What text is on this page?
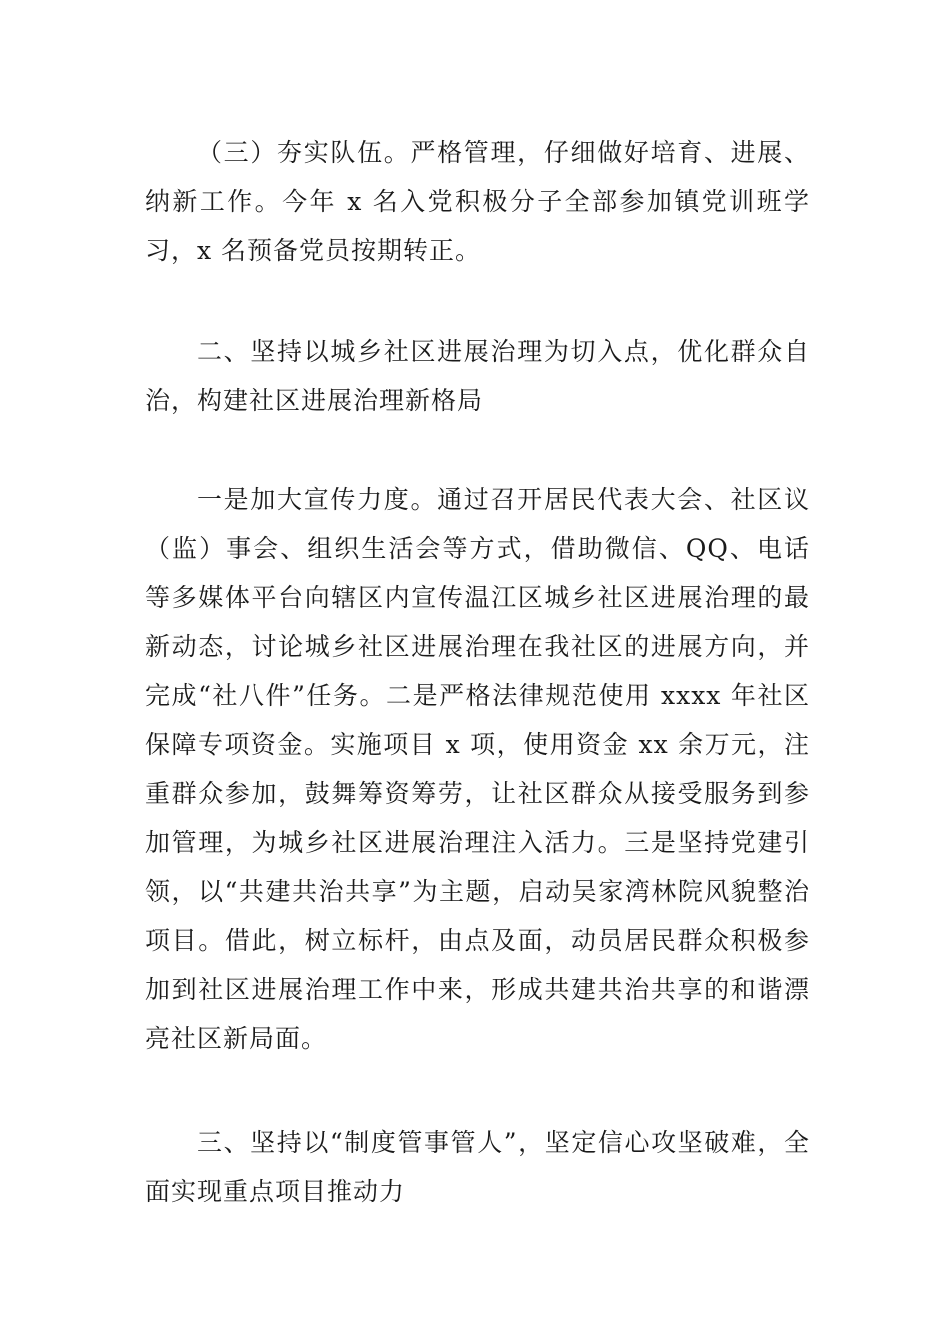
（三）夯实队伍。严格管理，仔细做好培育、进展、纳新工作。今年 x 名入党积极分子全部参加镇党训班学习，x 名预备党员按期转正。

二、坚持以城乡社区进展治理为切入点，优化群众自治，构建社区进展治理新格局

一是加大宣传力度。通过召开居民代表大会、社区议（监）事会、组织生活会等方式，借助微信、QQ、电话等多媒体平台向辖区内宣传温江区城乡社区进展治理的最新动态，讨论城乡社区进展治理在我社区的进展方向，并完成“社八件”任务。二是严格法律规范使用 xxxx 年社区保障专项资金。实施项目 x 项，使用资金 xx 余万元，注重群众参加，鼓舞筹资筹劳，让社区群众从接受服务到参加管理，为城乡社区进展治理注入活力。三是坚持党建引领，以“共建共治共享”为主题，启动吴家湾林院风貌整治项目。借此，树立标杆，由点及面，动员居民群众积极参加到社区进展治理工作中来，形成共建共治共享的和谐漂亮社区新局面。

三、坚持以“制度管事管人”，坚定信心攻坚破难，全面实现重点项目推动力
